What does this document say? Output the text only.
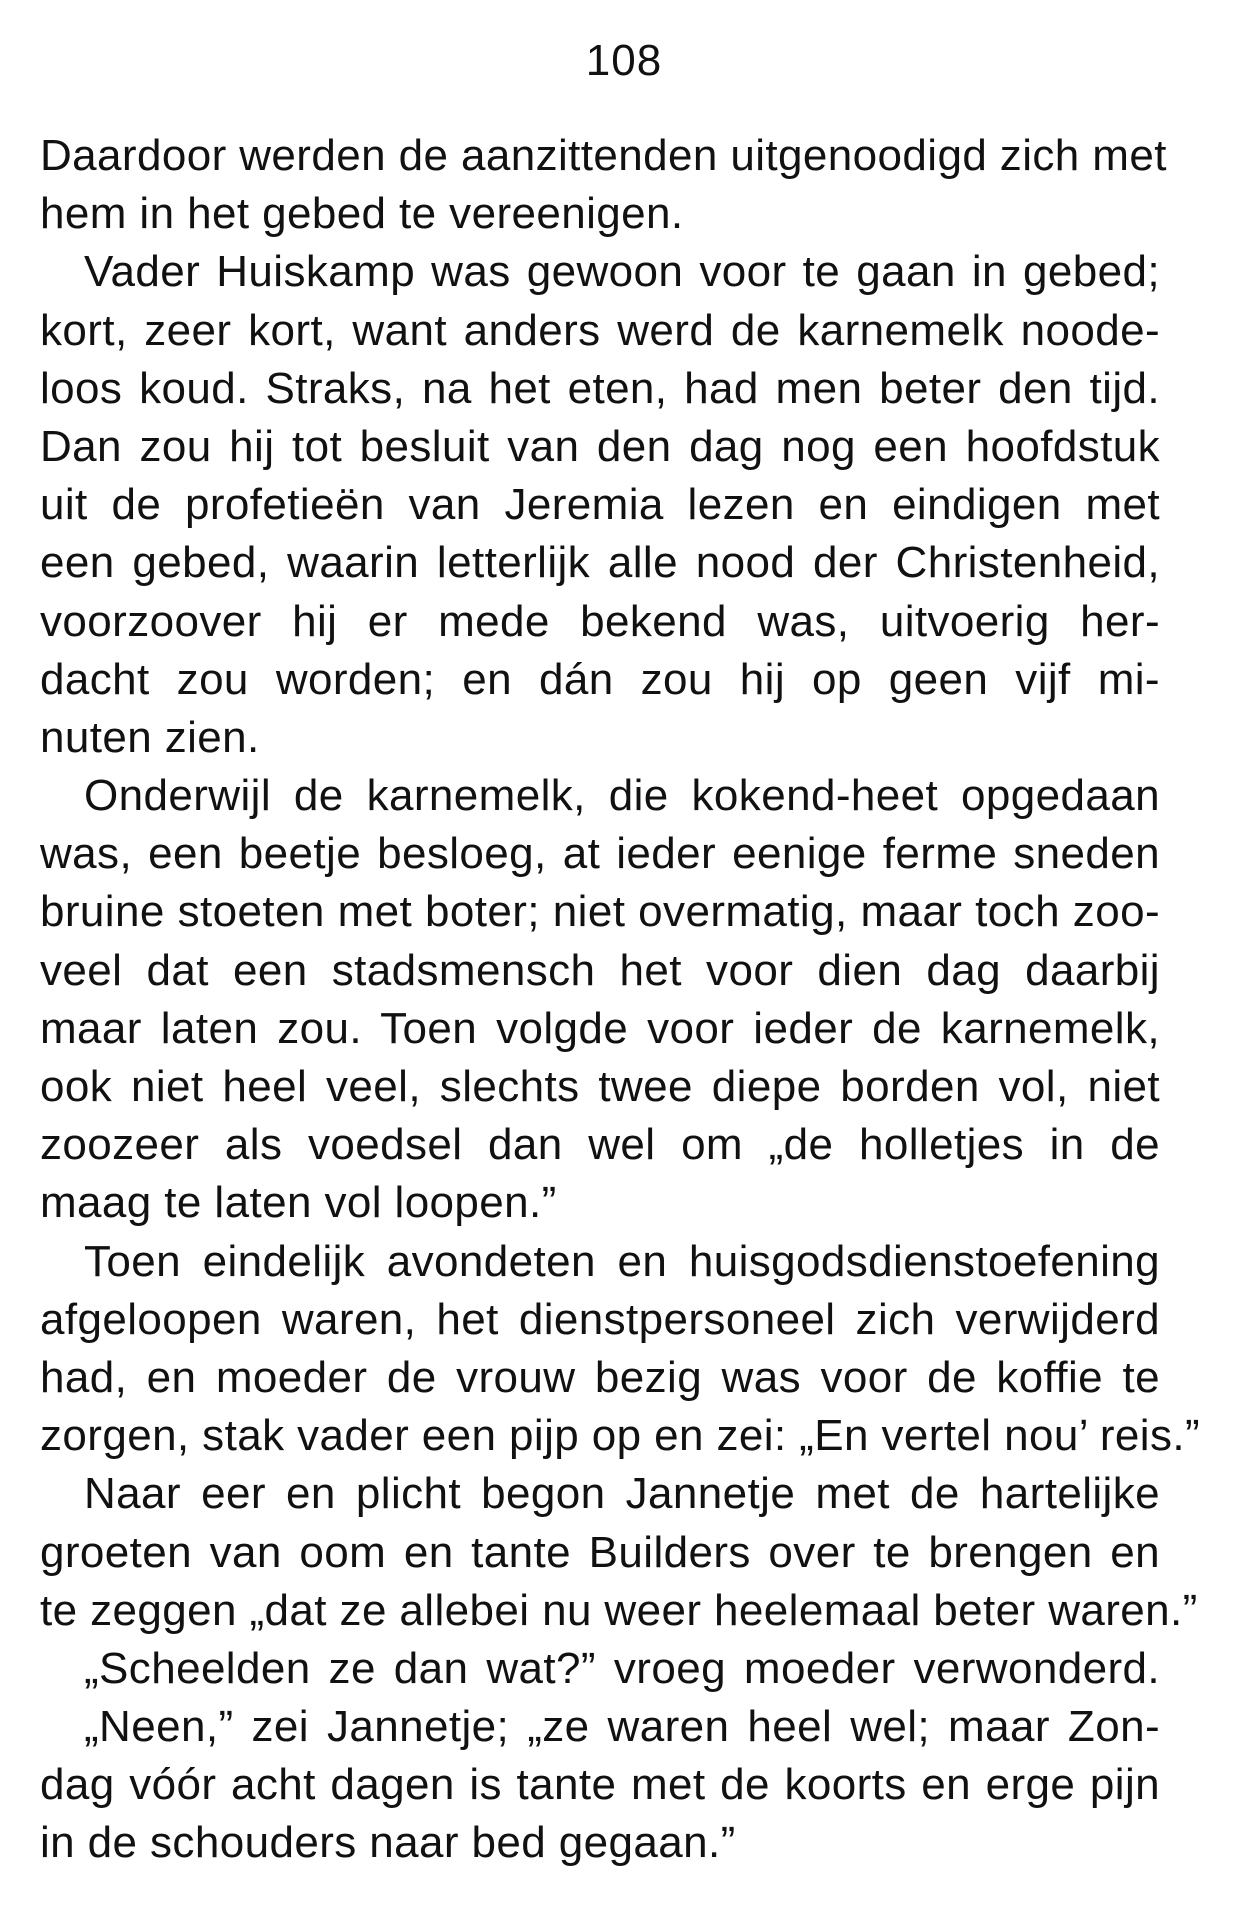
108
Daardoor werden de aanzittenden uitgenoodigd zich met
hem in het gebed te vereenigen.
Vader Huiskamp was gewoon voor te gaan in gebed;
kort, zeer kort, want anders werd de karnemelk noode-
loos koud. Straks, na het eten, had men beter den tijd.
Dan zou hij tot besluit van den dag nog een hoofdstuk
uit de profetieën van Jeremia lezen en eindigen met
een gebed, waarin letterlijk alle nood der Christenheid,
voorzoover hij er mede bekend was, uitvoerig her-
dacht zou worden; en dán zou hij op geen vijf mi-
nuten zien.
Onderwijl de karnemelk, die kokend-heet opgedaan
was, een beetje besloeg, at ieder eenige ferme sneden
bruine stoeten met boter; niet overmatig, maar toch zoo-
veel dat een stadsmensch het voor dien dag daarbij
maar laten zou. Toen volgde voor ieder de karnemelk,
ook niet heel veel, slechts twee diepe borden vol, niet
zoozeer als voedsel dan wel om „de holletjes in de
maag te laten vol loopen.”
Toen eindelijk avondeten en huisgodsdienstoefening
afgeloopen waren, het dienstpersoneel zich verwijderd
had, en moeder de vrouw bezig was voor de koffie te
zorgen, stak vader een pijp op en zei: „En vertel nou’ reis.”
Naar eer en plicht begon Jannetje met de hartelijke
groeten van oom en tante Builders over te brengen en
te zeggen „dat ze allebei nu weer heelemaal beter waren.”
„Scheelden ze dan wat?” vroeg moeder verwonderd.
„Neen,” zei Jannetje; „ze waren heel wel; maar Zon-
dag vóór acht dagen is tante met de koorts en erge pijn
in de schouders naar bed gegaan.”
